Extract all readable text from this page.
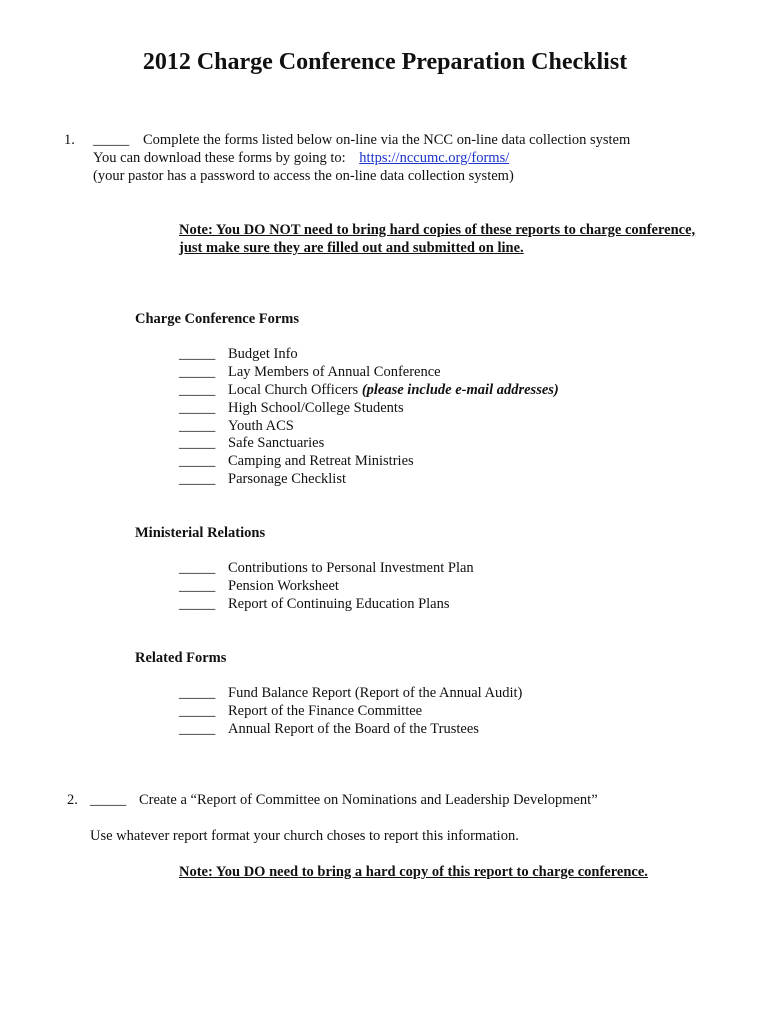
2012 Charge Conference Preparation Checklist
1. _____ Complete the forms listed below on-line via the NCC on-line data collection system
You can download these forms by going to: https://nccumc.org/forms/
(your pastor has a password to access the on-line data collection system)
Note: You DO NOT need to bring hard copies of these reports to charge conference,
just make sure they are filled out and submitted on line.
Charge Conference Forms
_____ Budget Info
_____ Lay Members of Annual Conference
_____ Local Church Officers (please include e-mail addresses)
_____ High School/College Students
_____ Youth ACS
_____ Safe Sanctuaries
_____ Camping and Retreat Ministries
_____ Parsonage Checklist
Ministerial Relations
_____ Contributions to Personal Investment Plan
_____ Pension Worksheet
_____ Report of Continuing Education Plans
Related Forms
_____ Fund Balance Report (Report of the Annual Audit)
_____ Report of the Finance Committee
_____ Annual Report of the Board of the Trustees
2. _____ Create a “Report of Committee on Nominations and Leadership Development”
Use whatever report format your church choses to report this information.
Note: You DO need to bring a hard copy of this report to charge conference.
